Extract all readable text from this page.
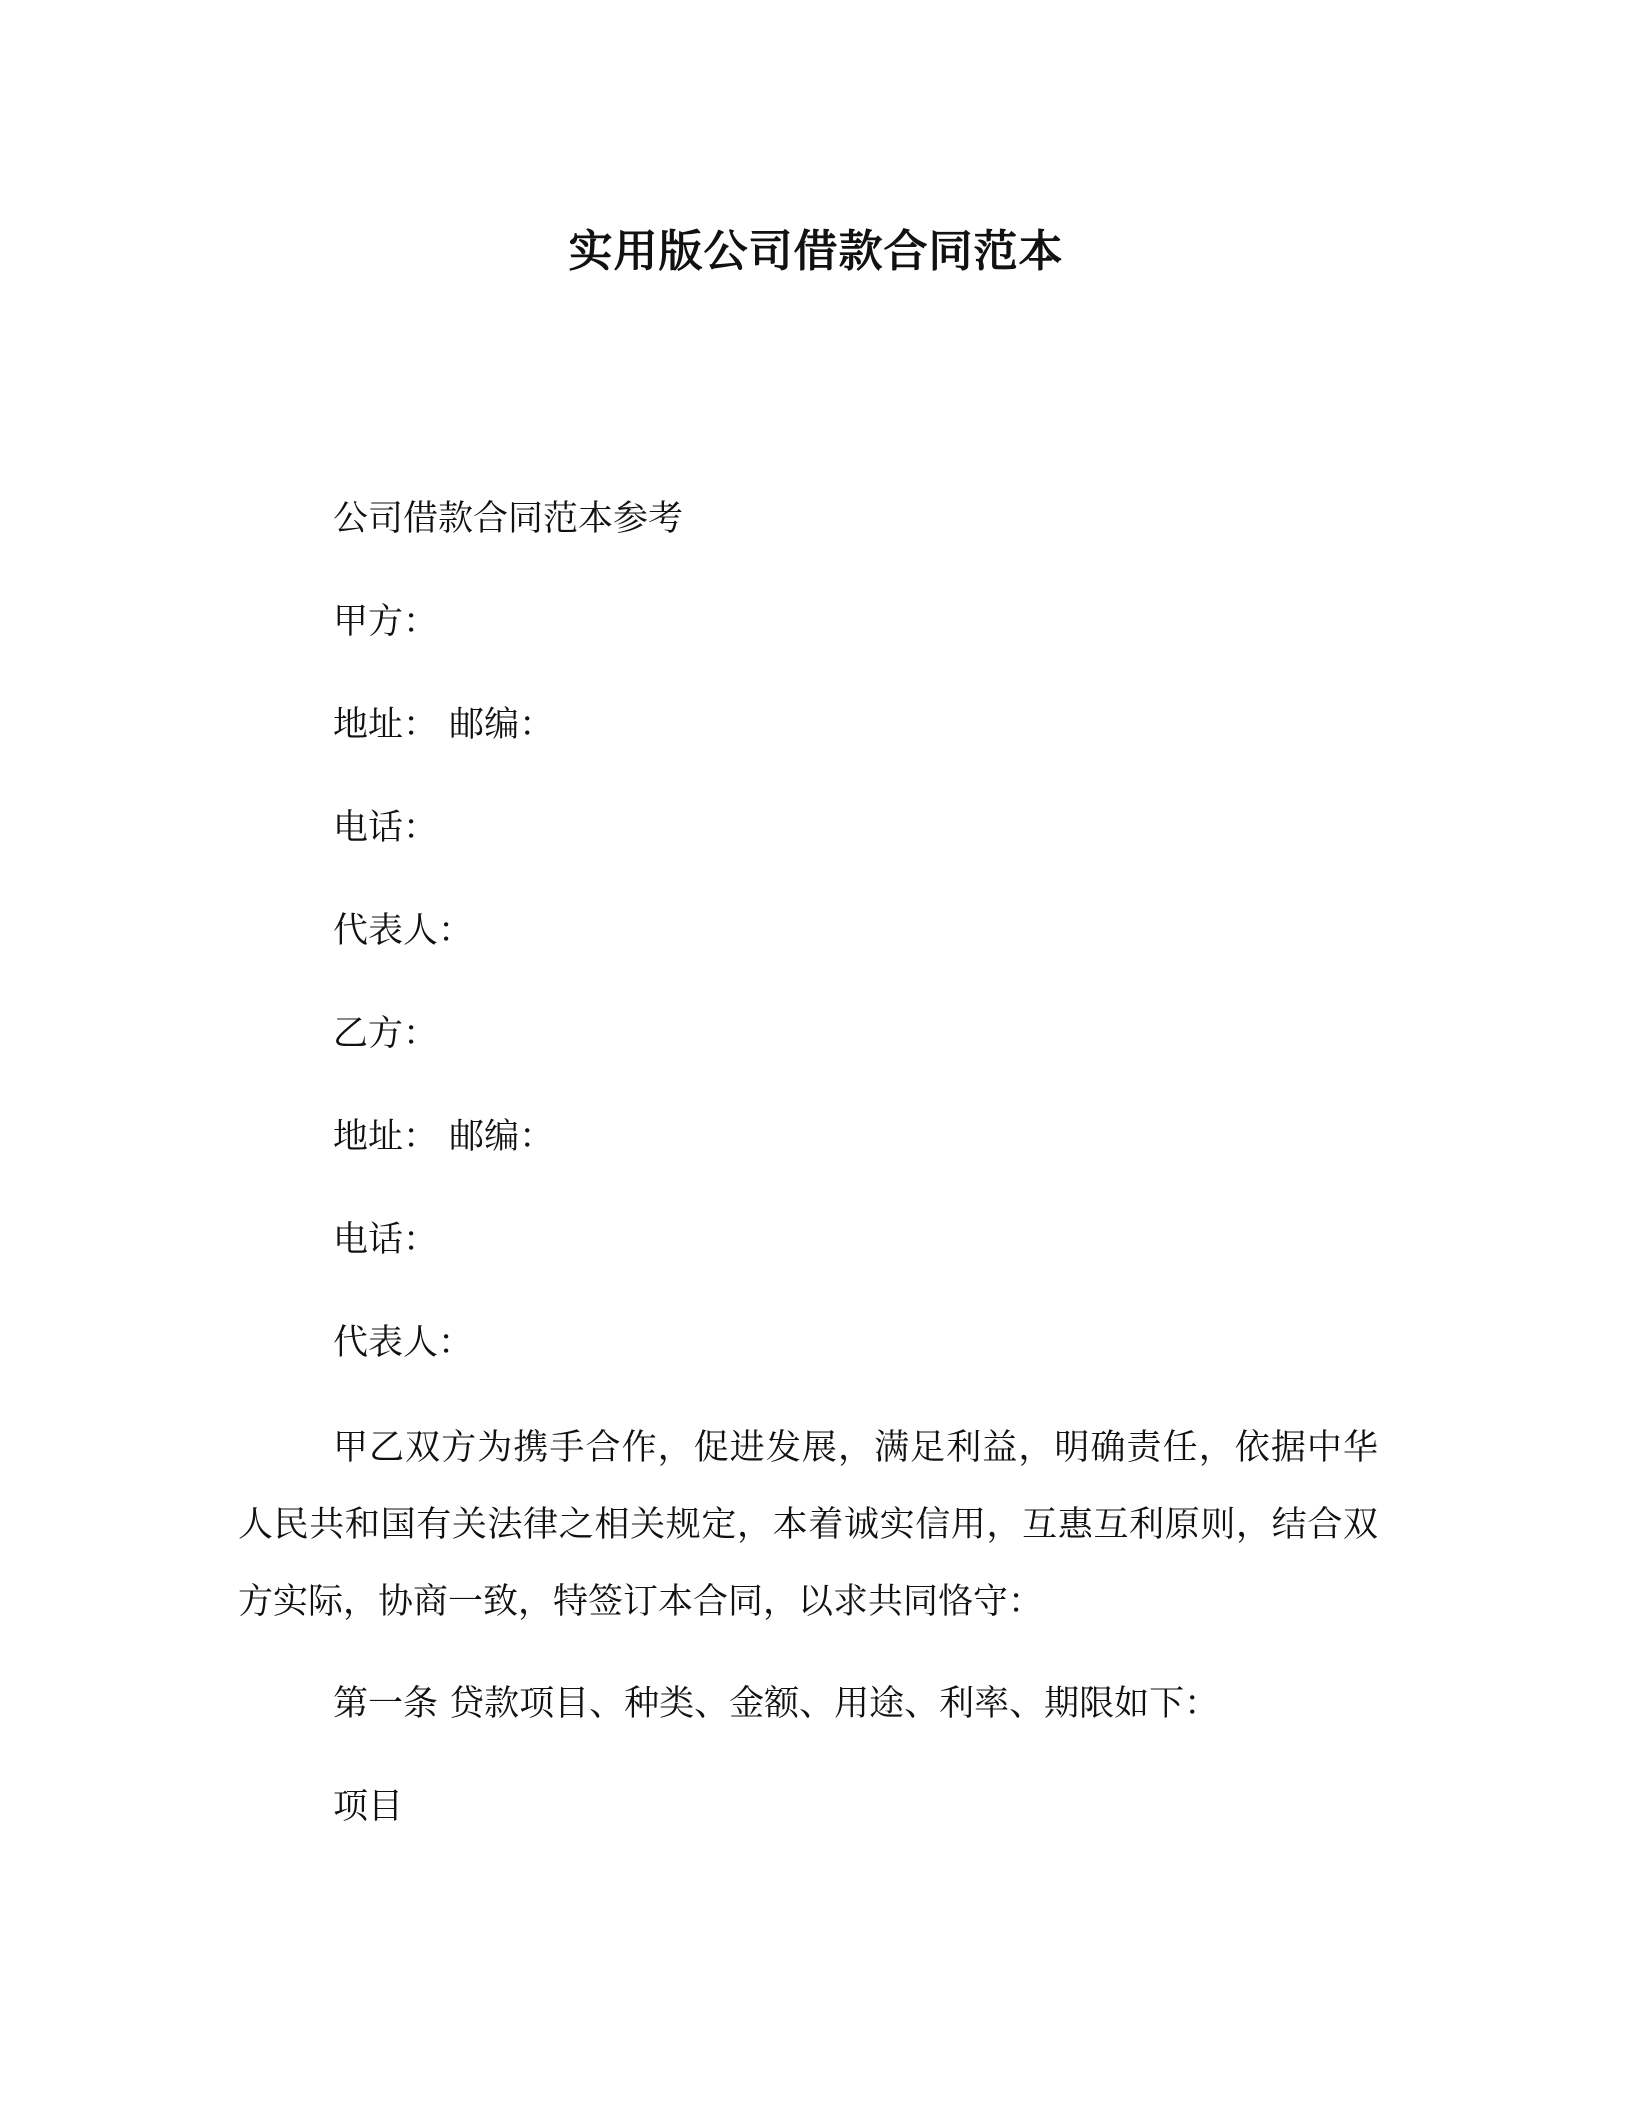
实用版公司借款合同范本

公司借款合同范本参考

甲方：

地址： 邮编：

电话：

代表人：

乙方：

地址： 邮编：

电话：

代表人：

甲乙双方为携手合作，促进发展，满足利益，明确责任，依据中华人民共和国有关法律之相关规定，本着诚实信用，互惠互利原则，结合双方实际，协商一致，特签订本合同，以求共同恪守：

第一条 贷款项目、种类、金额、用途、利率、期限如下：

项目
